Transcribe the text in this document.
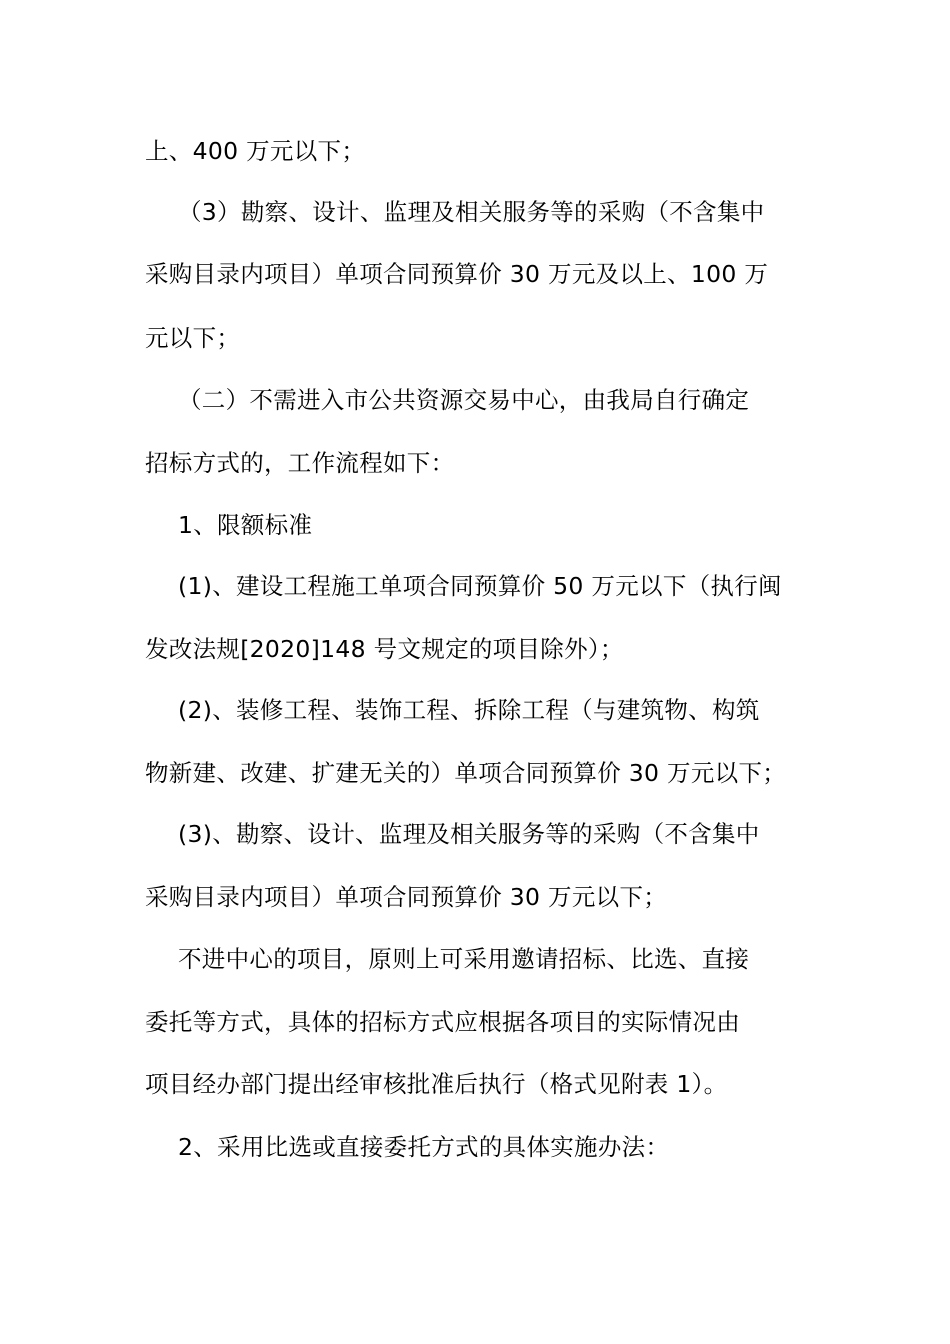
上、400 万元以下；
（3）勘察、设计、监理及相关服务等的采购（不含集中
采购目录内项目）单项合同预算价 30 万元及以上、100 万
元以下；
（二）不需进入市公共资源交易中心，由我局自行确定
招标方式的，工作流程如下：
1、限额标准
(1)、建设工程施工单项合同预算价 50 万元以下（执行闽
发改法规[2020]148 号文规定的项目除外）；
(2)、装修工程、装饰工程、拆除工程（与建筑物、构筑
物新建、改建、扩建无关的）单项合同预算价 30 万元以下；
(3)、勘察、设计、监理及相关服务等的采购（不含集中
采购目录内项目）单项合同预算价 30 万元以下；
不进中心的项目，原则上可采用邀请招标、比选、直接
委托等方式，具体的招标方式应根据各项目的实际情况由
项目经办部门提出经审核批准后执行（格式见附表 1）。
2、采用比选或直接委托方式的具体实施办法：
